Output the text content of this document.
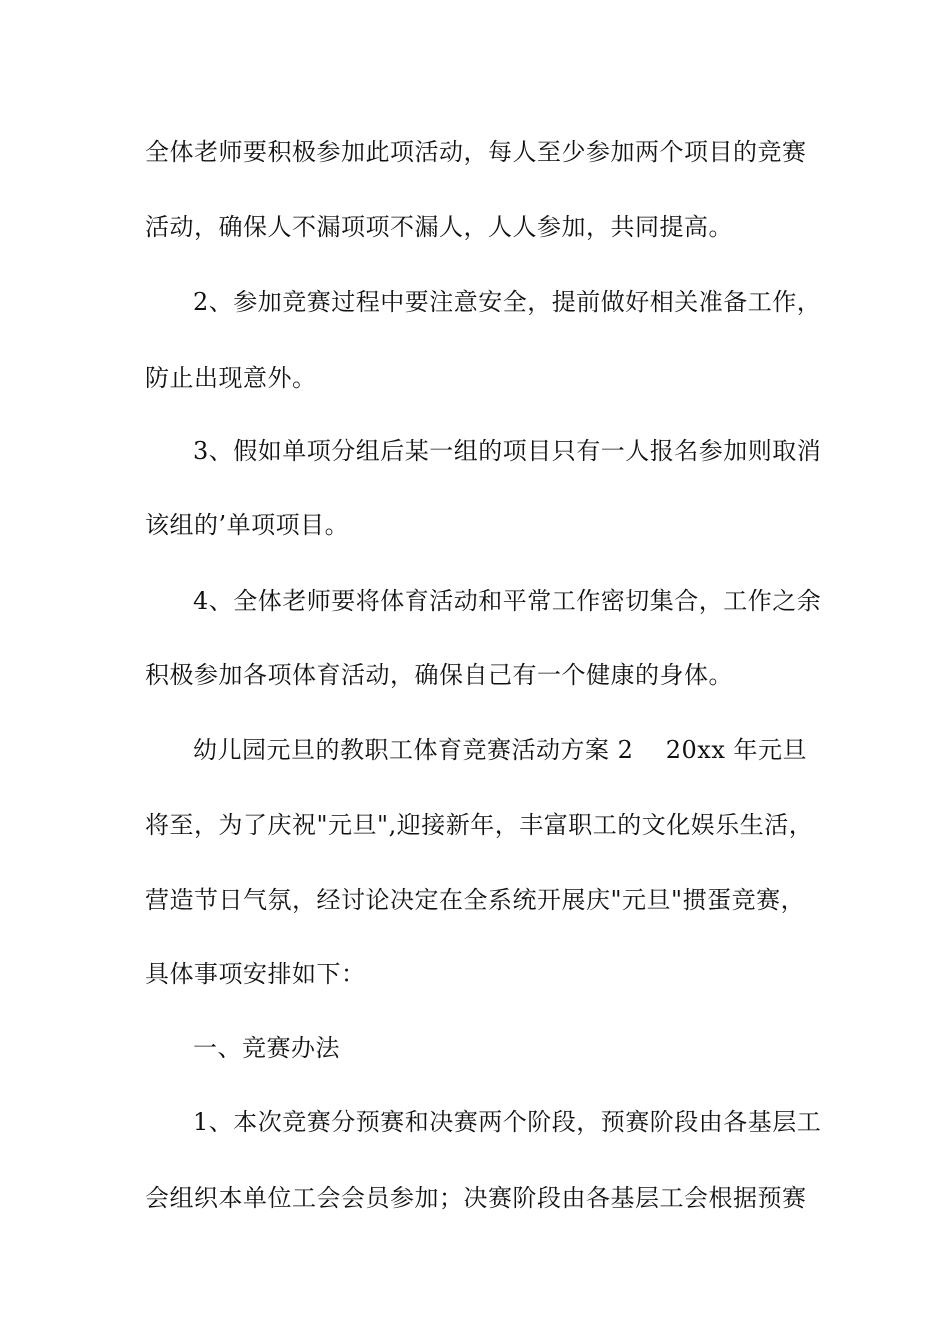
全体老师要积极参加此项活动，每人至少参加两个项目的竞赛
活动，确保人不漏项项不漏人，人人参加，共同提高。
2、参加竞赛过程中要注意安全，提前做好相关准备工作，
防止出现意外。
3、假如单项分组后某一组的项目只有一人报名参加则取消
该组的’单项项目。
4、全体老师要将体育活动和平常工作密切集合，工作之余
积极参加各项体育活动，确保自己有一个健康的身体。
幼儿园元旦的教职工体育竞赛活动方案 2 20xx 年元旦
将至，为了庆祝"元旦",迎接新年，丰富职工的文化娱乐生活，
营造节日气氛，经讨论决定在全系统开展庆"元旦"掼蛋竞赛，
具体事项安排如下：
一、竞赛办法
1、本次竞赛分预赛和决赛两个阶段，预赛阶段由各基层工
会组织本单位工会会员参加；决赛阶段由各基层工会根据预赛
